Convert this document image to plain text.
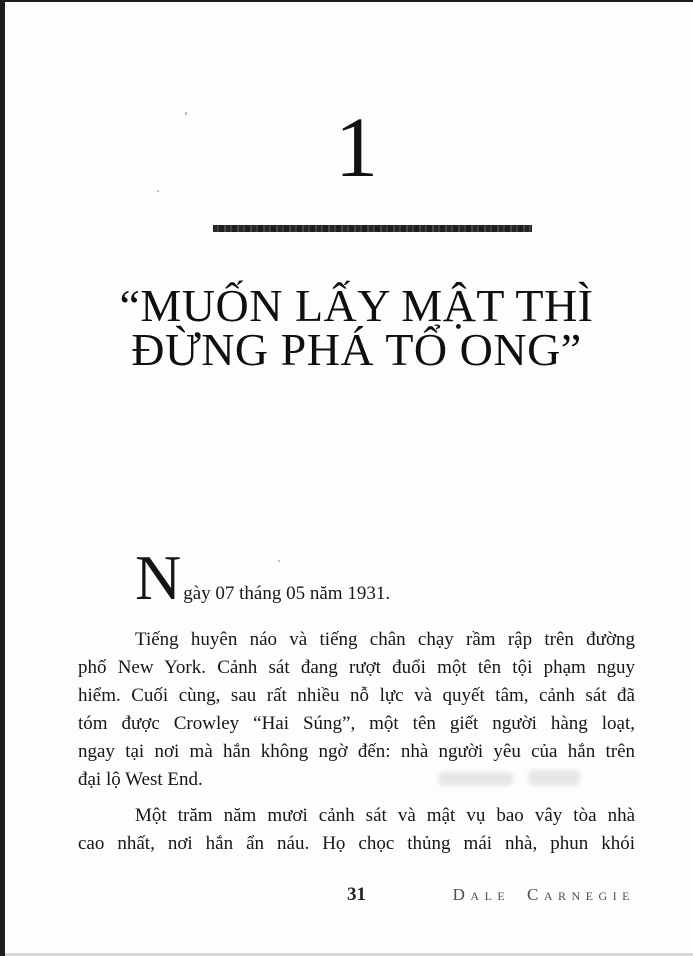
1
“MUỐN LẤY MẬT THÌ
ĐỪNG PHÁ TỔ ONG”
Ngày 07 tháng 05 năm 1931.
Tiếng huyên náo và tiếng chân chạy rầm rập trên đường
phố New York. Cảnh sát đang rượt đuổi một tên tội phạm nguy
hiểm. Cuối cùng, sau rất nhiều nỗ lực và quyết tâm, cảnh sát đã
tóm được Crowley “Hai Súng”, một tên giết người hàng loạt,
ngay tại nơi mà hắn không ngờ đến: nhà người yêu của hắn trên
đại lộ West End.
Một trăm năm mươi cảnh sát và mật vụ bao vây tòa nhà
cao nhất, nơi hắn ẩn náu. Họ chọc thủng mái nhà, phun khói
31	Dale Carnegie
